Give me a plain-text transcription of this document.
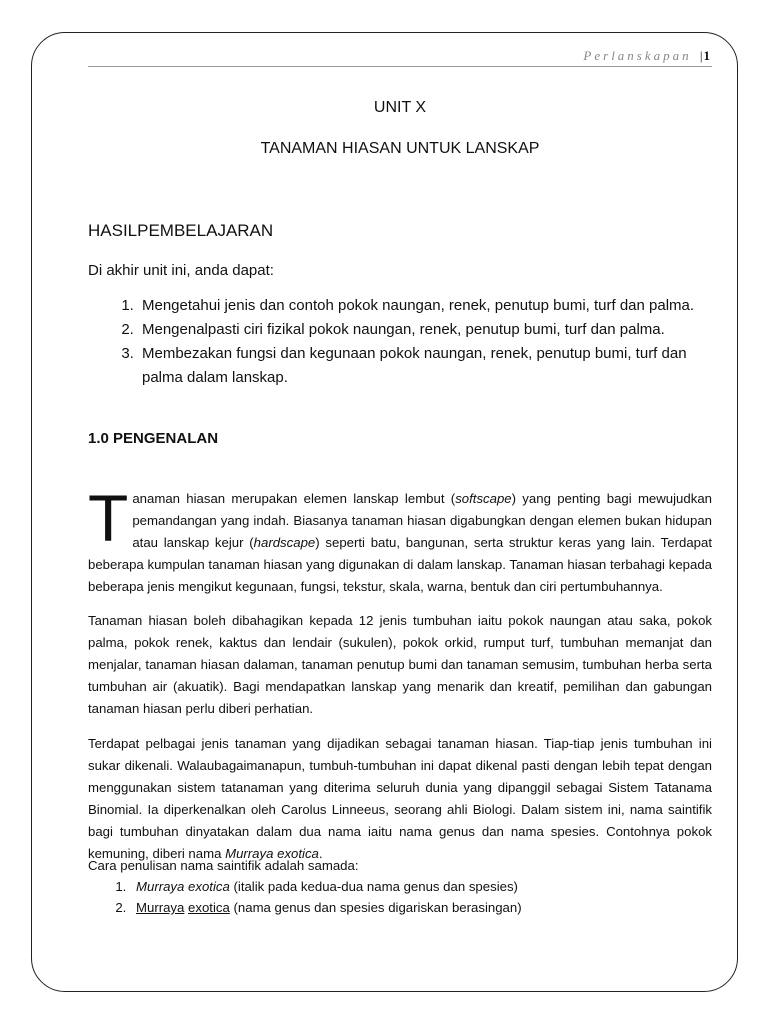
Perlanskapan |1
UNIT X
TANAMAN HIASAN UNTUK LANSKAP
HASILPEMBELAJARAN
Di akhir unit ini, anda dapat:
1. Mengetahui jenis dan contoh pokok naungan, renek, penutup bumi, turf dan palma.
2. Mengenalpasti ciri fizikal pokok naungan, renek, penutup bumi, turf dan palma.
3. Membezakan fungsi dan kegunaan pokok naungan, renek, penutup bumi, turf dan palma dalam lanskap.
1.0 PENGENALAN
Tanaman hiasan merupakan elemen lanskap lembut (softscape) yang penting bagi mewujudkan pemandangan yang indah. Biasanya tanaman hiasan digabungkan dengan elemen bukan hidupan atau lanskap kejur (hardscape) seperti batu, bangunan, serta struktur keras yang lain. Terdapat beberapa kumpulan tanaman hiasan yang digunakan di dalam lanskap. Tanaman hiasan terbahagi kepada beberapa jenis mengikut kegunaan, fungsi, tekstur, skala, warna, bentuk dan ciri pertumbuhannya.
Tanaman hiasan boleh dibahagikan kepada 12 jenis tumbuhan iaitu pokok naungan atau saka, pokok palma, pokok renek, kaktus dan lendair (sukulen), pokok orkid, rumput turf, tumbuhan memanjat dan menjalar, tanaman hiasan dalaman, tanaman penutup bumi dan tanaman semusim, tumbuhan herba serta tumbuhan air (akuatik). Bagi mendapatkan lanskap yang menarik dan kreatif, pemilihan dan gabungan tanaman hiasan perlu diberi perhatian.
Terdapat pelbagai jenis tanaman yang dijadikan sebagai tanaman hiasan. Tiap-tiap jenis tumbuhan ini sukar dikenali. Walaubagaimanapun, tumbuh-tumbuhan ini dapat dikenal pasti dengan lebih tepat dengan menggunakan sistem tatanaman yang diterima seluruh dunia yang dipanggil sebagai Sistem Tatanama Binomial. Ia diperkenalkan oleh Carolus Linneeus, seorang ahli Biologi. Dalam sistem ini, nama saintifik bagi tumbuhan dinyatakan dalam dua nama iaitu nama genus dan nama spesies. Contohnya pokok kemuning, diberi nama Murraya exotica.
Cara penulisan nama saintifik adalah samada:
1. Murraya exotica (italik pada kedua-dua nama genus dan spesies)
2. Murraya exotica (nama genus dan spesies digariskan berasingan)
